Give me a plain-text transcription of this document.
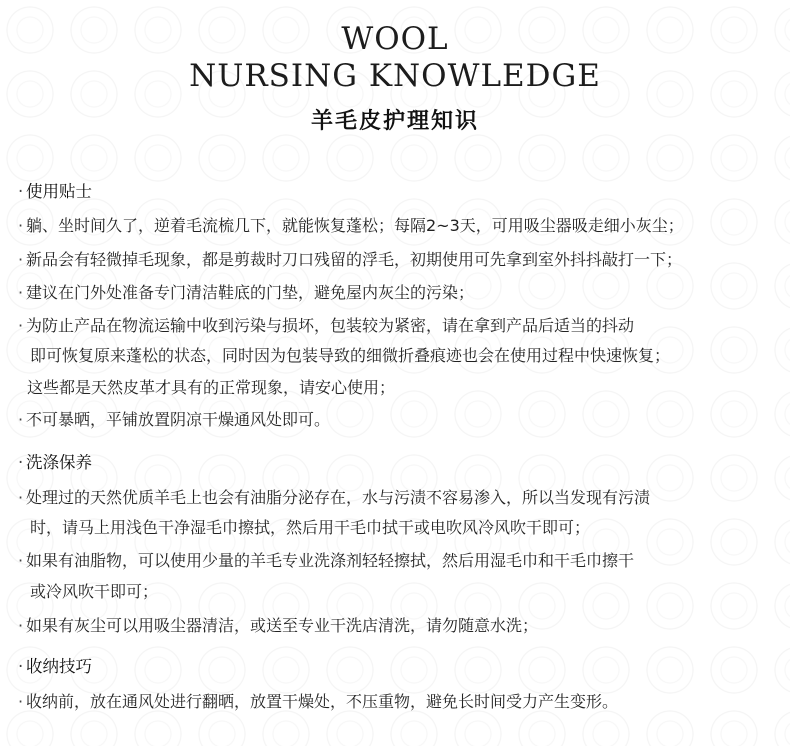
WOOL
NURSING KNOWLEDGE
羊毛皮护理知识
· 使用贴士
· 躺、坐时间久了，逆着毛流梳几下，就能恢复蓬松；每隔2~3天，可用吸尘器吸走细小灰尘；
· 新品会有轻微掉毛现象，都是剪裁时刀口残留的浮毛，初期使用可先拿到室外抖抖敲打一下；
· 建议在门外处准备专门清洁鞋底的门垫，避免屋内灰尘的污染；
· 为防止产品在物流运输中收到污染与损坏，包装较为紧密，请在拿到产品后适当的抖动
即可恢复原来蓬松的状态，同时因为包装导致的细微折叠痕迹也会在使用过程中快速恢复；
这些都是天然皮革才具有的正常现象，请安心使用；
· 不可暴晒，平铺放置阴凉干燥通风处即可。
· 洗涤保养
· 处理过的天然优质羊毛上也会有油脂分泌存在，水与污渍不容易渗入，所以当发现有污渍
时，请马上用浅色干净湿毛巾擦拭，然后用干毛巾拭干或电吹风冷风吹干即可；
· 如果有油脂物，可以使用少量的羊毛专业洗涤剂轻轻擦拭，然后用湿毛巾和干毛巾擦干
或冷风吹干即可；
· 如果有灰尘可以用吸尘器清洁，或送至专业干洗店清洗，请勿随意水洗；
· 收纳技巧
· 收纳前，放在通风处进行翻晒，放置干燥处，不压重物，避免长时间受力产生变形。
